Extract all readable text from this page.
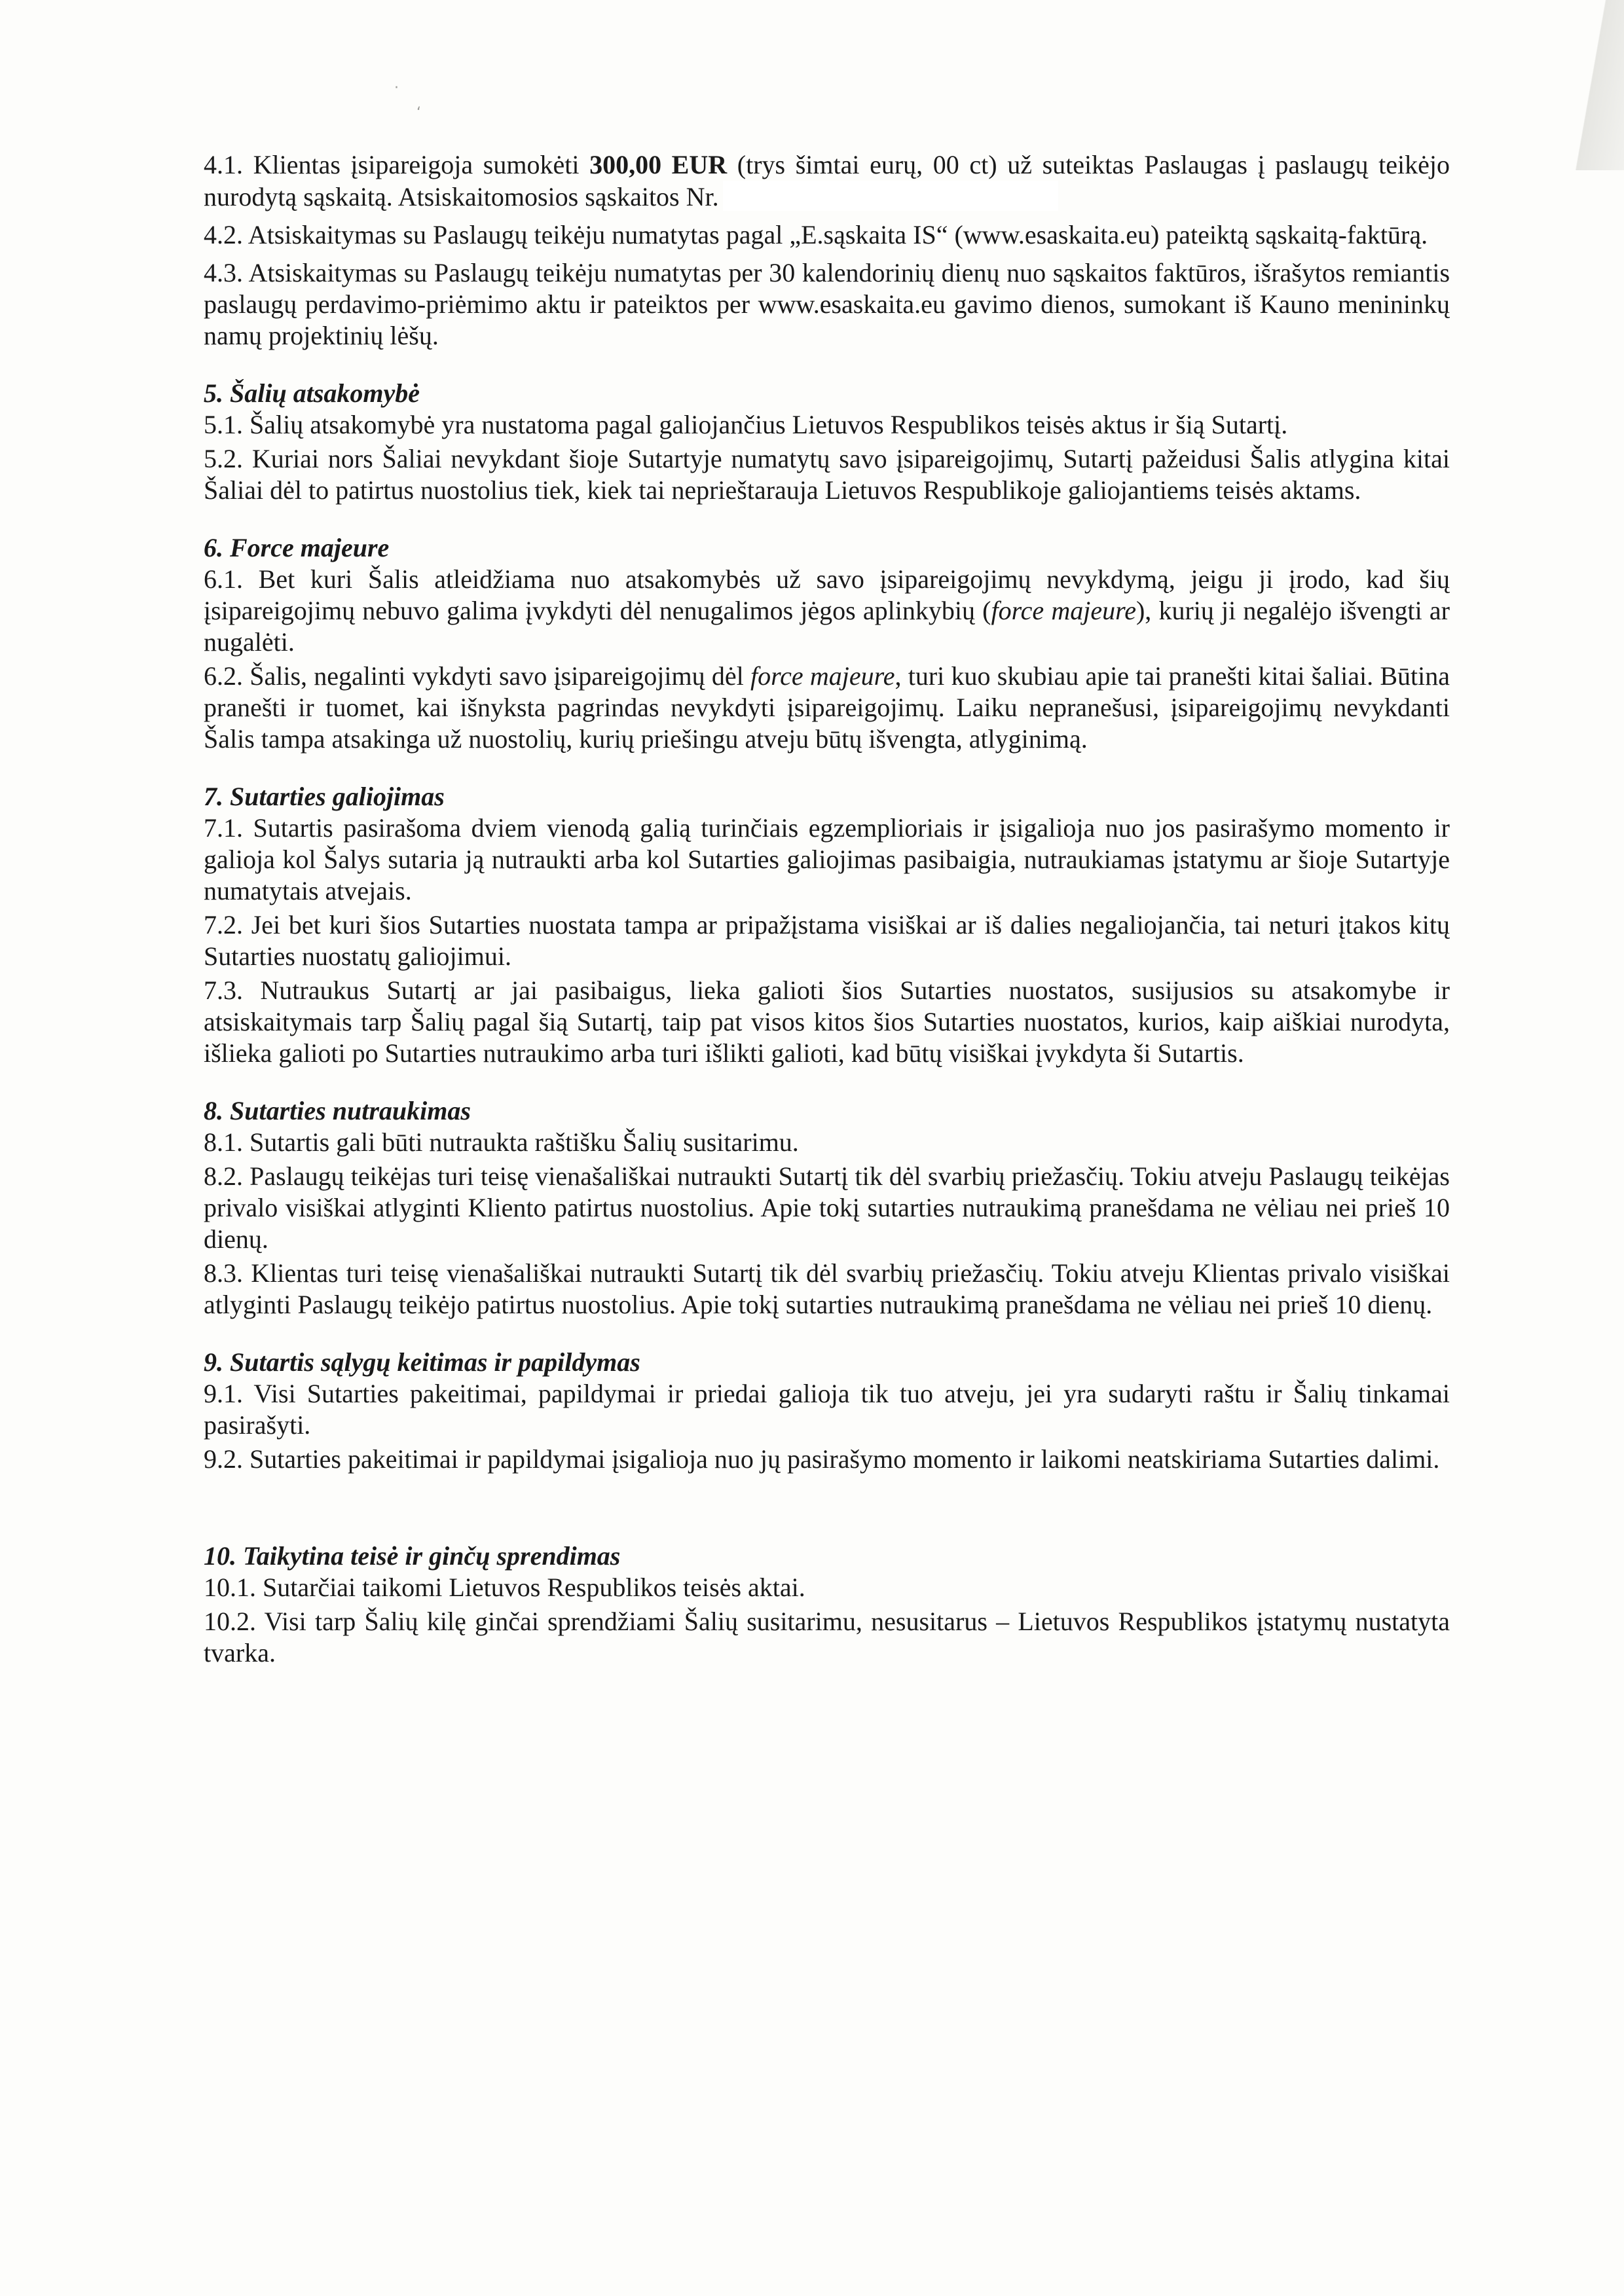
·
‘

4.1. Klientas įsipareigoja sumokėti 300,00 EUR (trys šimtai eurų, 00 ct) už suteiktas Paslaugas į paslaugų teikėjo nurodytą sąskaitą. Atsiskaitomosios sąskaitos Nr.

4.2. Atsiskaitymas su Paslaugų teikėju numatytas pagal „E.sąskaita IS“ (www.esaskaita.eu) pateiktą sąskaitą-faktūrą.

4.3. Atsiskaitymas su Paslaugų teikėju numatytas per 30 kalendorinių dienų nuo sąskaitos faktūros, išrašytos remiantis paslaugų perdavimo-priėmimo aktu ir pateiktos per www.esaskaita.eu gavimo dienos, sumokant iš Kauno menininkų namų projektinių lėšų.

5. Šalių atsakomybė

5.1. Šalių atsakomybė yra nustatoma pagal galiojančius Lietuvos Respublikos teisės aktus ir šią Sutartį.

5.2. Kuriai nors Šaliai nevykdant šioje Sutartyje numatytų savo įsipareigojimų, Sutartį pažeidusi Šalis atlygina kitai Šaliai dėl to patirtus nuostolius tiek, kiek tai neprieštarauja Lietuvos Respublikoje galiojantiems teisės aktams.

6. Force majeure

6.1. Bet kuri Šalis atleidžiama nuo atsakomybės už savo įsipareigojimų nevykdymą, jeigu ji įrodo, kad šių įsipareigojimų nebuvo galima įvykdyti dėl nenugalimos jėgos aplinkybių (force majeure), kurių ji negalėjo išvengti ar nugalėti.

6.2. Šalis, negalinti vykdyti savo įsipareigojimų dėl force majeure, turi kuo skubiau apie tai pranešti kitai šaliai. Būtina pranešti ir tuomet, kai išnyksta pagrindas nevykdyti įsipareigojimų. Laiku nepranešusi, įsipareigojimų nevykdanti Šalis tampa atsakinga už nuostolių, kurių priešingu atveju būtų išvengta, atlyginimą.

7. Sutarties galiojimas

7.1. Sutartis pasirašoma dviem vienodą galią turinčiais egzemplioriais ir įsigalioja nuo jos pasirašymo momento ir galioja kol Šalys sutaria ją nutraukti arba kol Sutarties galiojimas pasibaigia, nutraukiamas įstatymu ar šioje Sutartyje numatytais atvejais.

7.2. Jei bet kuri šios Sutarties nuostata tampa ar pripažįstama visiškai ar iš dalies negaliojančia, tai neturi įtakos kitų Sutarties nuostatų galiojimui.

7.3. Nutraukus Sutartį ar jai pasibaigus, lieka galioti šios Sutarties nuostatos, susijusios su atsakomybe ir atsiskaitymais tarp Šalių pagal šią Sutartį, taip pat visos kitos šios Sutarties nuostatos, kurios, kaip aiškiai nurodyta, išlieka galioti po Sutarties nutraukimo arba turi išlikti galioti, kad būtų visiškai įvykdyta ši Sutartis.

8. Sutarties nutraukimas

8.1. Sutartis gali būti nutraukta raštišku Šalių susitarimu.

8.2. Paslaugų teikėjas turi teisę vienašališkai nutraukti Sutartį tik dėl svarbių priežasčių. Tokiu atveju Paslaugų teikėjas privalo visiškai atlyginti Kliento patirtus nuostolius. Apie tokį sutarties nutraukimą pranešdama ne vėliau nei prieš 10 dienų.

8.3. Klientas turi teisę vienašališkai nutraukti Sutartį tik dėl svarbių priežasčių. Tokiu atveju Klientas privalo visiškai atlyginti Paslaugų teikėjo patirtus nuostolius. Apie tokį sutarties nutraukimą pranešdama ne vėliau nei prieš 10 dienų.

9. Sutartis sąlygų keitimas ir papildymas

9.1. Visi Sutarties pakeitimai, papildymai ir priedai galioja tik tuo atveju, jei yra sudaryti raštu ir Šalių tinkamai pasirašyti.

9.2. Sutarties pakeitimai ir papildymai įsigalioja nuo jų pasirašymo momento ir laikomi neatskiriama Sutarties dalimi.

10. Taikytina teisė ir ginčų sprendimas

10.1. Sutarčiai taikomi Lietuvos Respublikos teisės aktai.

10.2. Visi tarp Šalių kilę ginčai sprendžiami Šalių susitarimu, nesusitarus – Lietuvos Respublikos įstatymų nustatyta tvarka.
